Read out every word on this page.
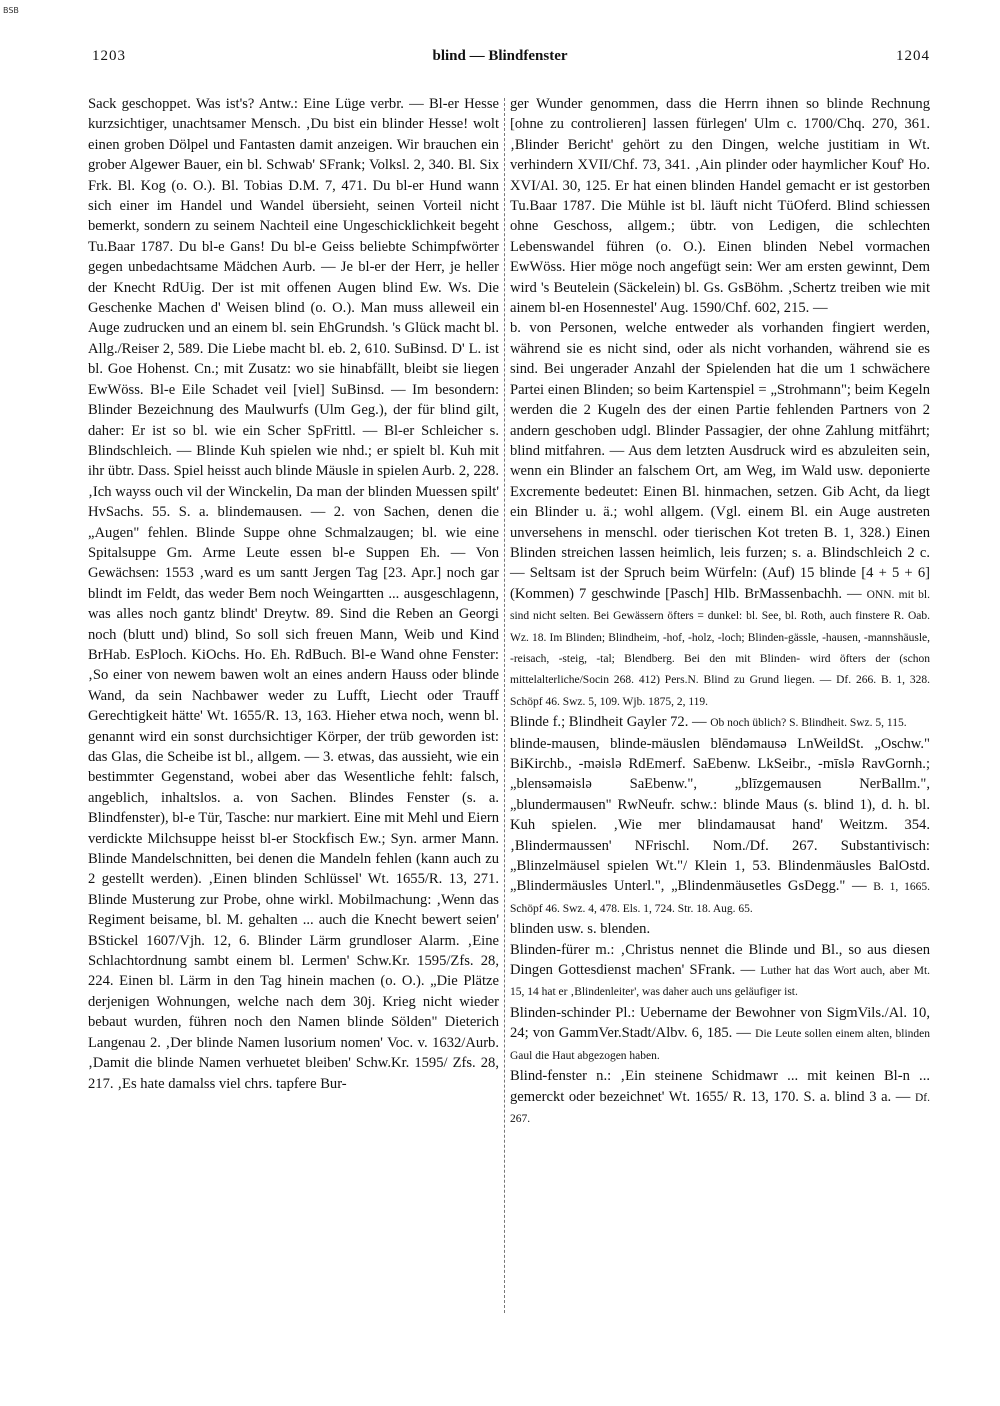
BSB
1203	blind — Blindfenster	1204

Sack geschoppet. Was ist's? Antw.: Eine Lüge verbr. — Bl-er Hesse kurzsichtiger, unachtsamer Mensch. ‚Du bist ein blinder Hesse! wolt einen groben Dölpel und Fantasten damit anzeigen. Wir brauchen ein grober Algewer Bauer, ein bl. Schwab' SFrank; Volksl. 2, 340. Bl. Six Frk. Bl. Kog (o. O.). Bl. Tobias D.M. 7, 471. Du bl-er Hund wann sich einer im Handel und Wandel übersieht, seinen Vorteil nicht bemerkt, sondern zu seinem Nachteil eine Ungeschicklichkeit begeht Tu.Baar 1787. Du bl-e Gans! Du bl-e Geiss beliebte Schimpfwörter gegen unbedachtsame Mädchen Aurb. — Je bl-er der Herr, je heller der Knecht RdUig. Der ist mit offenen Augen blind Ew. Ws. Die Geschenke Machen d' Weisen blind (o. O.). Man muss alleweil ein Auge zudrucken und an einem bl. sein EhGrundsh. 's Glück macht bl. Allg./Reiser 2, 589. Die Liebe macht bl. eb. 2, 610. SuBinsd. D' L. ist bl. Goe Hohenst. Cn.; mit Zusatz: wo sie hinabfällt, bleibt sie liegen EwWöss. Bl-e Eile Schadet veil [viel] SuBinsd. — Im besondern: Blinder Bezeichnung des Maulwurfs (Ulm Geg.), der für blind gilt, daher: Er ist so bl. wie ein Scher SpFrittl. — Bl-er Schleicher s. Blindschleich. — Blinde Kuh spielen wie nhd.; er spielt bl. Kuh mit ihr übtr. Dass. Spiel heisst auch blinde Mäusle in spielen Aurb. 2, 228. ‚Ich wayss ouch vil der Winckelin, Da man der blinden Muessen spilt' HvSachs. 55. S. a. blindemausen. — 2. von Sachen, denen die „Augen" fehlen. Blinde Suppe ohne Schmalzaugen; bl. wie eine Spitalsuppe Gm. Arme Leute essen bl-e Suppen Eh. — Von Gewächsen: 1553 ‚ward es um santt Jergen Tag [23. Apr.] noch gar blindt im Feldt, das weder Bem noch Weingartten ... ausgeschlagenn, was alles noch gantz blindt' Dreytw. 89. Sind die Reben an Georgi noch (blutt und) blind, So soll sich freuen Mann, Weib und Kind BrHab. EsPloch. KiOchs. Ho. Eh. RdBuch. Bl-e Wand ohne Fenster: ‚So einer von newem bawen wolt an eines andern Hauss oder blinde Wand, da sein Nachbawer weder zu Lufft, Liecht oder Trauff Gerechtigkeit hätte' Wt. 1655/R. 13, 163. Hieher etwa noch, wenn bl. genannt wird ein sonst durchsichtiger Körper, der trüb geworden ist: das Glas, die Scheibe ist bl., allgem. — 3. etwas, das aussieht, wie ein bestimmter Gegenstand, wobei aber das Wesentliche fehlt: falsch, angeblich, inhaltslos. a. von Sachen. Blindes Fenster (s. a. Blindfenster), bl-e Tür, Tasche: nur markiert. Eine mit Mehl und Eiern verdickte Milchsuppe heisst bl-er Stockfisch Ew.; Syn. armer Mann. Blinde Mandelschnitten, bei denen die Mandeln fehlen (kann auch zu 2 gestellt werden). ‚Einen blinden Schlüssel' Wt. 1655/R. 13, 271. Blinde Musterung zur Probe, ohne wirkl. Mobilmachung: ‚Wenn das Regiment beisame, bl. M. gehalten ... auch die Knecht bewert seien' BStickel 1607/Vjh. 12, 6. Blinder Lärm grundloser Alarm. ‚Eine Schlachtordnung sambt einem bl. Lermen' Schw.Kr. 1595/Zfs. 28, 224. Einen bl. Lärm in den Tag hinein machen (o. O.). „Die Plätze derjenigen Wohnungen, welche nach dem 30j. Krieg nicht wieder bebaut wurden, führen noch den Namen blinde Sölden" Dieterich Langenau 2. ‚Der blinde Namen lusorium nomen' Voc. v. 1632/Aurb. ‚Damit die blinde Namen verhuetet bleiben' Schw.Kr. 1595/ Zfs. 28, 217. ‚Es hate damalss viel chrs. tapfere Bur-

ger Wunder genommen, dass die Herrn ihnen so blinde Rechnung [ohne zu controlieren] lassen fürlegen' Ulm c. 1700/Chq. 270, 361. ‚Blinder Bericht' gehört zu den Dingen, welche justitiam in Wt. verhindern XVII/Chf. 73, 341. ‚Ain plinder oder haymlicher Kouf' Ho. XVI/Al. 30, 125. Er hat einen blinden Handel gemacht er ist gestorben Tu.Baar 1787. Die Mühle ist bl. läuft nicht TüOferd. Blind schiessen ohne Geschoss, allgem.; übtr. von Ledigen, die schlechten Lebenswandel führen (o. O.). Einen blinden Nebel vormachen EwWöss. Hier möge noch angefügt sein: Wer am ersten gewinnt, Dem wird 's Beutelein (Säckelein) bl. Gs. GsBöhm. ‚Schertz treiben wie mit ainem bl-en Hosennestel' Aug. 1590/Chf. 602, 215. —

b. von Personen, welche entweder als vorhanden fingiert werden, während sie es nicht sind, oder als nicht vorhanden, während sie es sind. Bei ungerader Anzahl der Spielenden hat die um 1 schwächere Partei einen Blinden; so beim Kartenspiel = „Strohmann"; beim Kegeln werden die 2 Kugeln des der einen Partie fehlenden Partners von 2 andern geschoben udgl. Blinder Passagier, der ohne Zahlung mitfährt; blind mitfahren. — Aus dem letzten Ausdruck wird es abzuleiten sein, wenn ein Blinder an falschem Ort, am Weg, im Wald usw. deponierte Excremente bedeutet: Einen Bl. hinmachen, setzen. Gib Acht, da liegt ein Blinder u. ä.; wohl allgem. (Vgl. einem Bl. ein Auge austreten unversehens in menschl. oder tierischen Kot treten B. 1, 328.) Einen Blinden streichen lassen heimlich, leis furzen; s. a. Blindschleich 2 c. — Seltsam ist der Spruch beim Würfeln: (Auf) 15 blinde [4 + 5 + 6] (Kommen) 7 geschwinde [Pasch] Hlb. BrMassenbachh. — ONN. mit bl. sind nicht selten. Bei Gewässern öfters = dunkel: bl. See, bl. Roth, auch finstere R. Oab. Wz. 18. Im Blinden; Blindheim, -hof, -holz, -loch; Blinden-gässle, -hausen, -mannshäusle, -reisach, -steig, -tal; Blendberg. Bei den mit Blinden- wird öfters der (schon mittelalterliche/Socin 268. 412) Pers.N. Blind zu Grund liegen. — Df. 266. B. 1, 328. Schöpf 46. Swz. 5, 109. Wjb. 1875, 2, 119.

Blinde f.; Blindheit Gayler 72. — Ob noch üblich? S. Blindheit. Swz. 5, 115.

blinde-mausen, blinde-mäuslen blēndəmausə LnWeildSt. „Oschw." BiKirchb., -məislə RdEmerf. SaEbenw. LkSeibr., -mīslə RavGornh.; „blensəməislə SaEbenw.", „blīzgemausen NerBallm.", „blundermausen" RwNeufr. schw.: blinde Maus (s. blind 1), d. h. bl. Kuh spielen. ‚Wie mer blindamausat hand' Weitzm. 354. ‚Blindermaussen' NFrischl. Nom./Df. 267. Substantivisch: „Blinzelmäusel spielen Wt."/ Klein 1, 53. Blindenmäusles BalOstd. „Blindermäusles Unterl.", „Blindenmäusetles GsDegg." — B. 1, 1665. Schöpf 46. Swz. 4, 478. Els. 1, 724. Str. 18. Aug. 65.

blinden usw. s. blenden.

Blinden-fürer m.: ‚Christus nennet die Blinde und Bl., so aus diesen Dingen Gottesdienst machen' SFrank. — Luther hat das Wort auch, aber Mt. 15, 14 hat er ‚Blindenleiter', was daher auch uns geläufiger ist.

Blinden-schinder Pl.: Uebername der Bewohner von SigmVils./Al. 10, 24; von GammVer.Stadt/Albv. 6, 185. — Die Leute sollen einem alten, blinden Gaul die Haut abgezogen haben.

Blind-fenster n.: ‚Ein steinene Schidmawr ... mit keinen Bl-n ... gemerckt oder bezeichnet' Wt. 1655/ R. 13, 170. S. a. blind 3 a. — Df. 267.
